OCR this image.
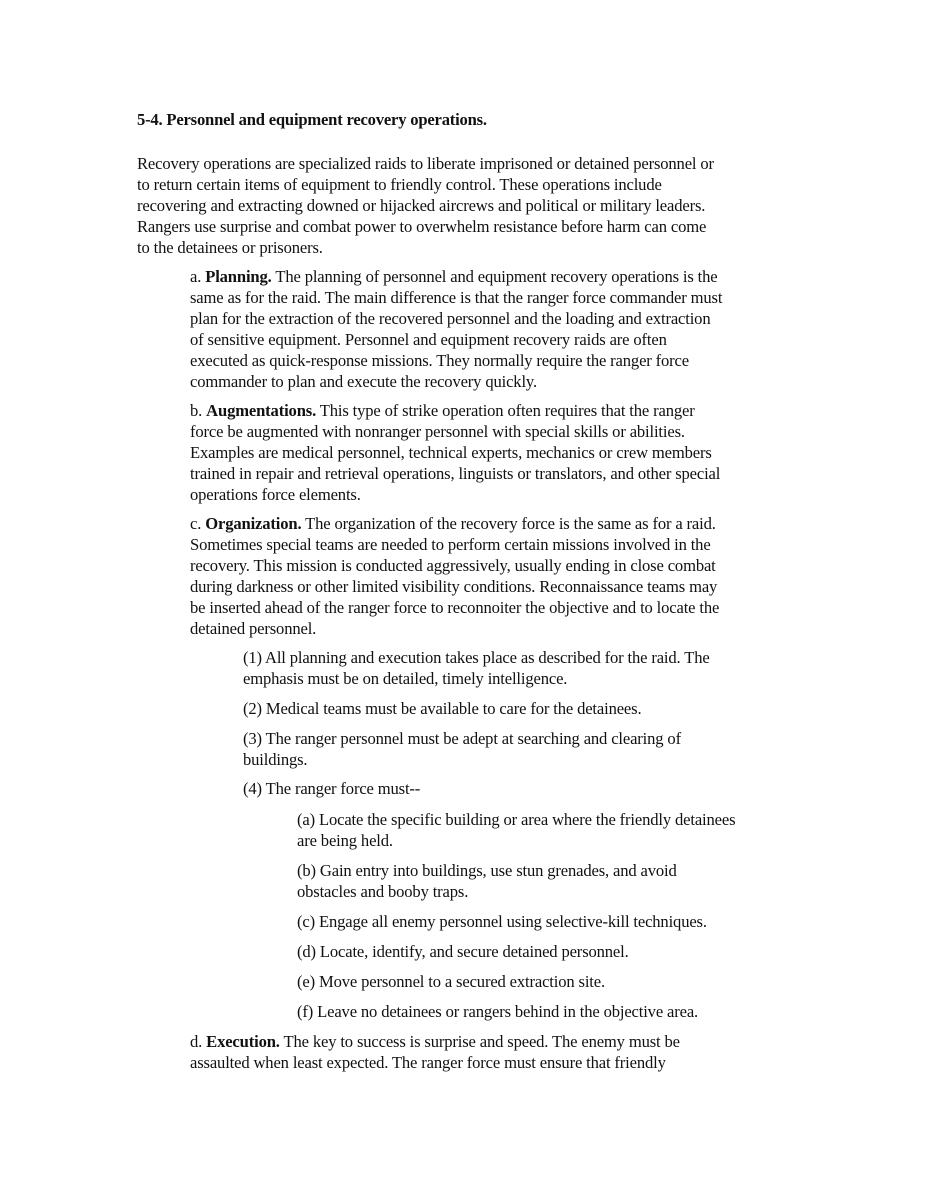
5-4. Personnel and equipment recovery operations.
Recovery operations are specialized raids to liberate imprisoned or detained personnel or
to return certain items of equipment to friendly control. These operations include
recovering and extracting downed or hijacked aircrews and political or military leaders.
Rangers use surprise and combat power to overwhelm resistance before harm can come
to the detainees or prisoners.
a. Planning. The planning of personnel and equipment recovery operations is the
same as for the raid. The main difference is that the ranger force commander must
plan for the extraction of the recovered personnel and the loading and extraction
of sensitive equipment. Personnel and equipment recovery raids are often
executed as quick-response missions. They normally require the ranger force
commander to plan and execute the recovery quickly.
b. Augmentations. This type of strike operation often requires that the ranger
force be augmented with nonranger personnel with special skills or abilities.
Examples are medical personnel, technical experts, mechanics or crew members
trained in repair and retrieval operations, linguists or translators, and other special
operations force elements.
c. Organization. The organization of the recovery force is the same as for a raid.
Sometimes special teams are needed to perform certain missions involved in the
recovery. This mission is conducted aggressively, usually ending in close combat
during darkness or other limited visibility conditions. Reconnaissance teams may
be inserted ahead of the ranger force to reconnoiter the objective and to locate the
detained personnel.
(1) All planning and execution takes place as described for the raid. The
emphasis must be on detailed, timely intelligence.
(2) Medical teams must be available to care for the detainees.
(3) The ranger personnel must be adept at searching and clearing of
buildings.
(4) The ranger force must--
(a) Locate the specific building or area where the friendly detainees
are being held.
(b) Gain entry into buildings, use stun grenades, and avoid
obstacles and booby traps.
(c) Engage all enemy personnel using selective-kill techniques.
(d) Locate, identify, and secure detained personnel.
(e) Move personnel to a secured extraction site.
(f) Leave no detainees or rangers behind in the objective area.
d. Execution. The key to success is surprise and speed. The enemy must be
assaulted when least expected. The ranger force must ensure that friendly
